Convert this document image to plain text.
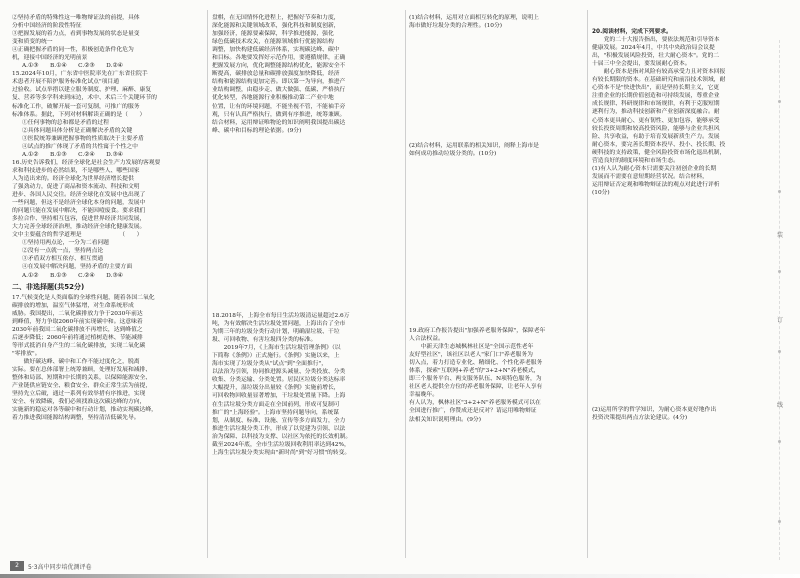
②坚持矛盾的特殊性这一唯物辩证法的前提，具体

分析中国经济的阶段性特征

③把握发展的着力点，看到事物发展的状态是量变

变和质变的统一

④正确把握矛盾的同一性，积极创造条件化危为

机，迎接中国经济的光明前景

A.①③　　B.①④　　C.②③　　D.②④

15.2024年10月，广东省中医院率先在广东省住院手

术患者开展不陪护服务标准化试点"项目通

过验收。试点举措以建立服务制度、护理、麻醉、康复

复、营养等多学科来到床边，术中、术后三个关键环节的

标准化工作，破解开展一套可复制，可推广的服务

标准体系。据此，下列对材料解读正确的是（　　）

①任何事物的总和都是矛盾的过程

②具体问题具体分析是正确解决矛盾的关键

③医院统筹兼顾把握事物的性质取决于主要矛盾

④试点的推广体现了矛盾的共性寓于个性之中

A.①②　　B.①③　　C.②④　　D.③④

16.历史告诉我们，经济全球化是社会生产力发展的客观要

求和科技进步的必然结果，不是哪些人、哪些国家

人为造出来的。经济全球化为世界经济增长提供

了强劲动力，促进了商品和资本流动、科技和文明

进步、各国人民交往。经济全球化在发展中也出现了

一些问题，但这不是经济全球化本身的问题，发展中

的问题只能在发展中解决，不能因噎废食。要求我们

多拉合作、坚持相互包容，促进世界经济共同发展，

大力完善全球经济治理，推动经济全球化健康发展。

文中主要蕴含的哲学道理是　　　　　　　（　　）

①坚持用两点论，一分为二看问题

②没有一点就一点，坚持两点论

③矛盾双方相互依存、相互贯通

④在发展中解决问题，坚持矛盾的主要方面

A.①②　　B.①③　　C.②④　　D.③④

二、非选择题(共52分)

17.气候变化是人类面临的全球性问题，随着各国二氧化

碳排放的增加，温室气体猛增，对生命系统形成

威胁。我国提出，二氧化碳排放力争于2030年前达

到峰值，努力争取2060年前实现碳中和。这意味着

2030年前我国二氧化碳排放不再增长，达到峰值之

后逐步降低；2060年前将通过植树造林、节能减排

等形式抵消自身产生的二氧化碳排放，实现二氧化碳

"零排放"。

　　做好碳达峰、碳中和工作不能过度化之，脱离

实际。要在总体部署上统筹兼顾，处理好发展和减排、

整体和局部、短期和中长期的关系，以保障能源安全、

产业链供应链安全、粮食安全、群众正常生活为前提，

坚持先立后破，通过一系列有效举措有序推进，实现

安全、有效降碳，我们必须找准这次碳达峰的方向，

实施新的稳运对各等碳中和行动计划，推动实现碳达峰，

着力推进我国能源结构调整，坚持清洁低碳先导。

盘棋，在无国情怀化进程上，把握好节奏和力度，

深化能源和关键领域改革，强化科技和制度创新，

加强经济，能源要素保障，科学推进能源，强化

绿色低碳技术攻关，在能源领域推行优能源结构

调整，加快构建低碳经济体系，实现碳达峰、碳中

和目标。各地要发挥好示范作用，要遵循规律，正确

把握发展方向，优化调整能源结构优化，能源安全不

断提高，碳排放总量和碳排放强度加快降低，经济

结构和能源结构更加完善。即以第一为导向，推进产

业结构调整，由稳步走、做大做强、低碳、严格执行

优化转型，各地能源行业积极推动第二产业中地

位置，让有的环境问题，不能坐视不管，不能袖手旁

观，只有认真严格执行，做到有序推进，统筹兼顾。

结合材料，运用辩证唯物论的知识阐明我国提出碳达

峰、碳中和目标的理论依据。(9分)

18.2018年，上海全市每日生活垃圾清运量超过2.6万

吨，为有效解决生活垃圾处置问题，上海出台了全市

为期三年的垃圾分类行动计划，明确湿垃圾、干垃

圾、可回收物、有害垃圾四分类的标准。

　　2019年7月，《上海市生活垃圾管理条例》（以

下简称《条例》）正式施行。《条例》实施以来，上

海市实现了垃圾分类从"试点"到"全面推行"，

以法治为引领，协同推进源头减量、分类投放、分类

收集、分类运输、分类处置。居民区垃圾分类达标率

大幅提升，湿垃圾分出量较《条例》实施前增长，

可回收物回收量显著增加，干垃圾处置量下降。上海

在生活垃圾分类方面走在全国前列，形成可复制可

推广的"上海经验"。上海市坚持问题导向，系统谋

划，从制度、标准、设施、宣传等多方面发力，全力

推进生活垃圾分类工作，形成了以党建为引领、以法

治为保障、以科技为支撑、以社区为依托的长效机制。

截至2024年底，全市生活垃圾回收利用率达到42%，

上海生活垃圾分类实现由"新时尚"到"好习惯"的转变。

(1)结合材料，运用对立面相互转化的原理，说明上

海市做好垃圾分类的合理性。(10分)

(2)结合材料，运用联系的相关知识，阐释上海市是

如何成功推动垃圾分类的。(10分)

19.政府工作报告提出"加强养老服务保障"，保障老年

人合法权益。

　　中新天津生态城枫林社区是"全国示范性老年

友好型社区"，该社区以老人"家门口"养老服务为

切入点，着力打造专业化、精细化、个性化养老服务

体系，探索"互联网+养老"的"3+2+N"养老模式，

即三个服务平台、两支服务队伍、N项特色服务，为

社区老人提供全方位的养老服务保障，让老年人享有

幸福晚年。

有人认为，枫林社区"3+2+N"养老服务模式可以在

全国进行推广，你赞成还是反对？请运用唯物辩证

法相关知识说明理由。(9分)

20.阅读材料，完成下列要求。

　　党的二十大报告指出，要依法规范和引导资本

健康发展。2024年4月，中共中央政治局会议提

出，"积极发展风险投资，壮大耐心资本"。党的二

十届三中全会提出，要发展耐心资本。

　　耐心资本是指对风险有较高承受力且对资本回报

有较长期限的资本。在基础研究和前沿技术领域，耐

心资本不是"快进快出"，而是坚持长期主义，它更

注重企业的长期价值创造和可持续发展，尊重企业

成长规律、科研规律和市场规律，有利于克服短期

逐利行为，推动科技创新和产业创新深度融合。耐

心资本更具耐心、更有韧性、更加包容，能够承受

较长投资周期和较高投资风险，能够与企业共担风

险、共享收益，有助于培育发展新质生产力。发展

耐心资本，要完善长期资本投早、投小、投长期、投

硬科技的支持政策，健全风险投资市场化退出机制，

营造良好的制度环境和市场生态。

(1)有人认为耐心资本只需要关注初创企业的长期

发展而不需要在意短期经营状况。结合材料，

运用辩证否定观和唯物辩证法的观点对此进行评析

(10分)

(2)运用所学的哲学知识，为耐心资本更好地作出

投资决策提出两点方法论建议。(4分)

装
订
线
2	5·3高中同步培优测评卷
